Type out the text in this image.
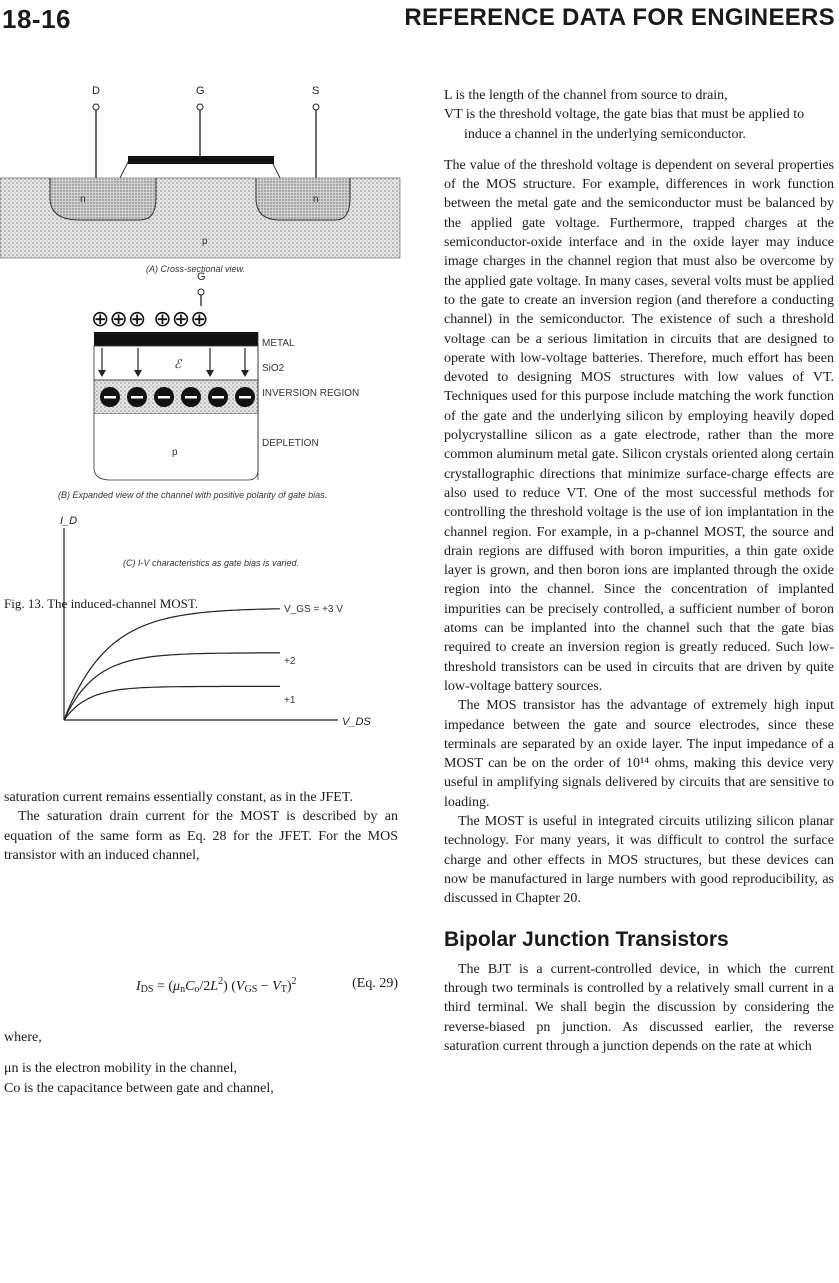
18-16	REFERENCE DATA FOR ENGINEERS
D	G	S
n	n
p
G
⊕⊕⊕ ⊕⊕⊕
ℰ
p
METAL
SiO2
INVERSION REGION
DEPLETION
I_D
V_DS
V_GS = +3 V
+2
+1
(A) Cross-sectional view.
(B) Expanded view of the channel with positive polarity of gate bias.
(C) I-V characteristics as gate bias is varied.
Fig. 13. The induced-channel MOST.

saturation current remains essentially constant, as in the JFET.

The saturation drain current for the MOST is described by an equation of the same form as Eq. 28 for the JFET. For the MOS transistor with an induced channel,

$I_{DS} = (\mu_nC_o/2L^2) (V_{GS} - V_T)^2$	(Eq. 29)
where,
μn is the electron mobility in the channel,
Co is the capacitance between gate and channel,
L is the length of the channel from source to drain,
VT is the threshold voltage, the gate bias that must be applied to induce a channel in the underlying semiconductor.

The value of the threshold voltage is dependent on several properties of the MOS structure. For example, differences in work function between the metal gate and the semiconductor must be balanced by the applied gate voltage. Furthermore, trapped charges at the semiconductor-oxide interface and in the oxide layer may induce image charges in the channel region that must also be overcome by the applied gate voltage. In many cases, several volts must be applied to the gate to create an inversion region (and therefore a conducting channel) in the semiconductor. The existence of such a threshold voltage can be a serious limitation in circuits that are designed to operate with low-voltage batteries. Therefore, much effort has been devoted to designing MOS structures with low values of VT. Techniques used for this purpose include matching the work function of the gate and the underlying silicon by employing heavily doped polycrystalline silicon as a gate electrode, rather than the more common aluminum metal gate. Silicon crystals oriented along certain crystallographic directions that minimize surface-charge effects are also used to reduce VT. One of the most successful methods for controlling the threshold voltage is the use of ion implantation in the channel region. For example, in a p-channel MOST, the source and drain regions are diffused with boron impurities, a thin gate oxide layer is grown, and then boron ions are implanted through the oxide region into the channel. Since the concentration of implanted impurities can be precisely controlled, a sufficient number of boron atoms can be implanted into the channel such that the gate bias required to create an inversion region is greatly reduced. Such low-threshold transistors can be used in circuits that are driven by quite low-voltage battery sources.

The MOS transistor has the advantage of extremely high input impedance between the gate and source electrodes, since these terminals are separated by an oxide layer. The input impedance of a MOST can be on the order of 10¹⁴ ohms, making this device very useful in amplifying signals delivered by circuits that are sensitive to loading.

The MOST is useful in integrated circuits utilizing silicon planar technology. For many years, it was difficult to control the surface charge and other effects in MOS structures, but these devices can now be manufactured in large numbers with good reproducibility, as discussed in Chapter 20.

Bipolar Junction Transistors

The BJT is a current-controlled device, in which the current through two terminals is controlled by a relatively small current in a third terminal. We shall begin the discussion by considering the reverse-biased pn junction. As discussed earlier, the reverse saturation current through a junction depends on the rate at which
